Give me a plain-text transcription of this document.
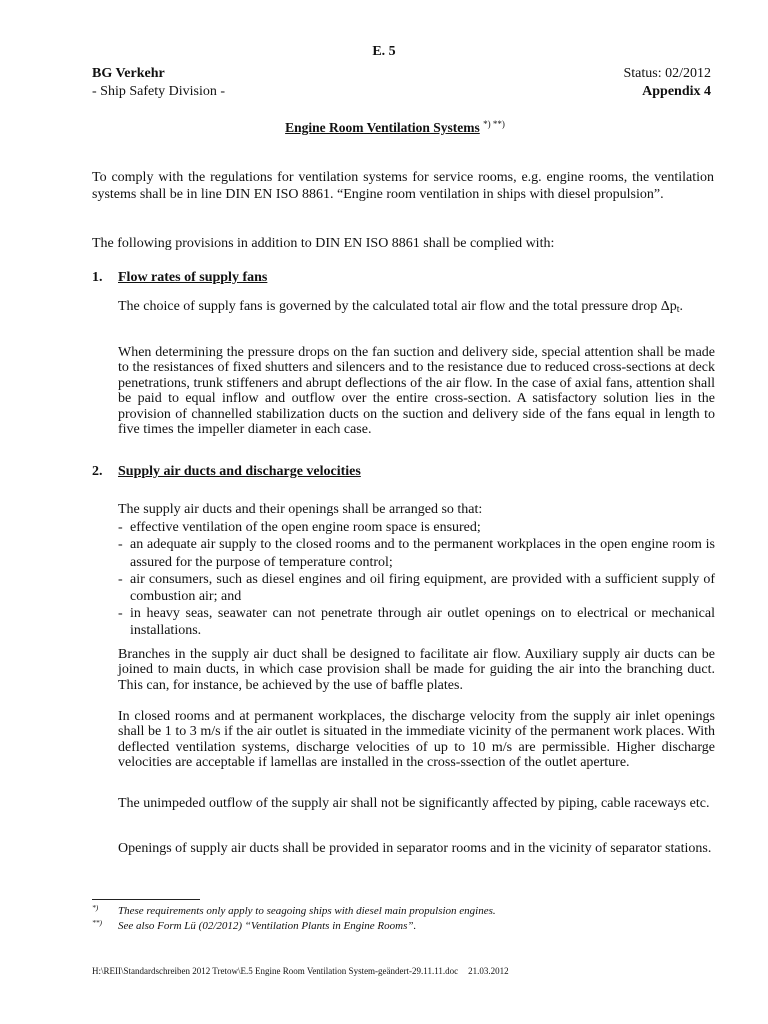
E. 5
BG Verkehr
- Ship Safety Division -
Status: 02/2012
Appendix 4
Engine Room Ventilation Systems *) **)

To comply with the regulations for ventilation systems for service rooms, e.g. engine rooms, the ventilation systems shall be in line DIN EN ISO 8861. “Engine room ventilation in ships with diesel propulsion”.

The following provisions in addition to DIN EN ISO 8861 shall be complied with:

1. Flow rates of supply fans

The choice of supply fans is governed by the calculated total air flow and the total pressure drop Δpt.

When determining the pressure drops on the fan suction and delivery side, special attention shall be made to the resistances of fixed shutters and silencers and to the resistance due to reduced cross-sections at deck penetrations, trunk stiffeners and abrupt deflections of the air flow. In the case of axial fans, attention shall be paid to equal inflow and outflow over the entire cross-section. A satisfactory solution lies in the provision of channelled stabilization ducts on the suction and delivery side of the fans equal in length to five times the impeller diameter in each case.

2. Supply air ducts and discharge velocities

The supply air ducts and their openings shall be arranged so that:

- effective ventilation of the open engine room space is ensured;
- an adequate air supply to the closed rooms and to the permanent workplaces in the open engine room is assured for the purpose of temperature control;
- air consumers, such as diesel engines and oil firing equipment, are provided with a sufficient supply of combustion air; and
- in heavy seas, seawater can not penetrate through air outlet openings on to electrical or mechanical installations.

Branches in the supply air duct shall be designed to facilitate air flow. Auxiliary supply air ducts can be joined to main ducts, in which case provision shall be made for guiding the air into the branching duct. This can, for instance, be achieved by the use of baffle plates.

In closed rooms and at permanent workplaces, the discharge velocity from the supply air inlet openings shall be 1 to 3 m/s if the air outlet is situated in the immediate vicinity of the permanent work places. With deflected ventilation systems, discharge velocities of up to 10 m/s are permissible. Higher discharge velocities are acceptable if lamellas are installed in the cross-ssection of the outlet aperture.

The unimpeded outflow of the supply air shall not be significantly affected by piping, cable raceways etc.

Openings of supply air ducts shall be provided in separator rooms and in the vicinity of separator stations.

*) These requirements only apply to seagoing ships with diesel main propulsion engines.
**) See also Form Lü (02/2012) “Ventilation Plants in Engine Rooms”.
H:\REII\Standardschreiben 2012 Tretow\E.5 Engine Room Ventilation System-geändert-29.11.11.doc 21.03.2012
